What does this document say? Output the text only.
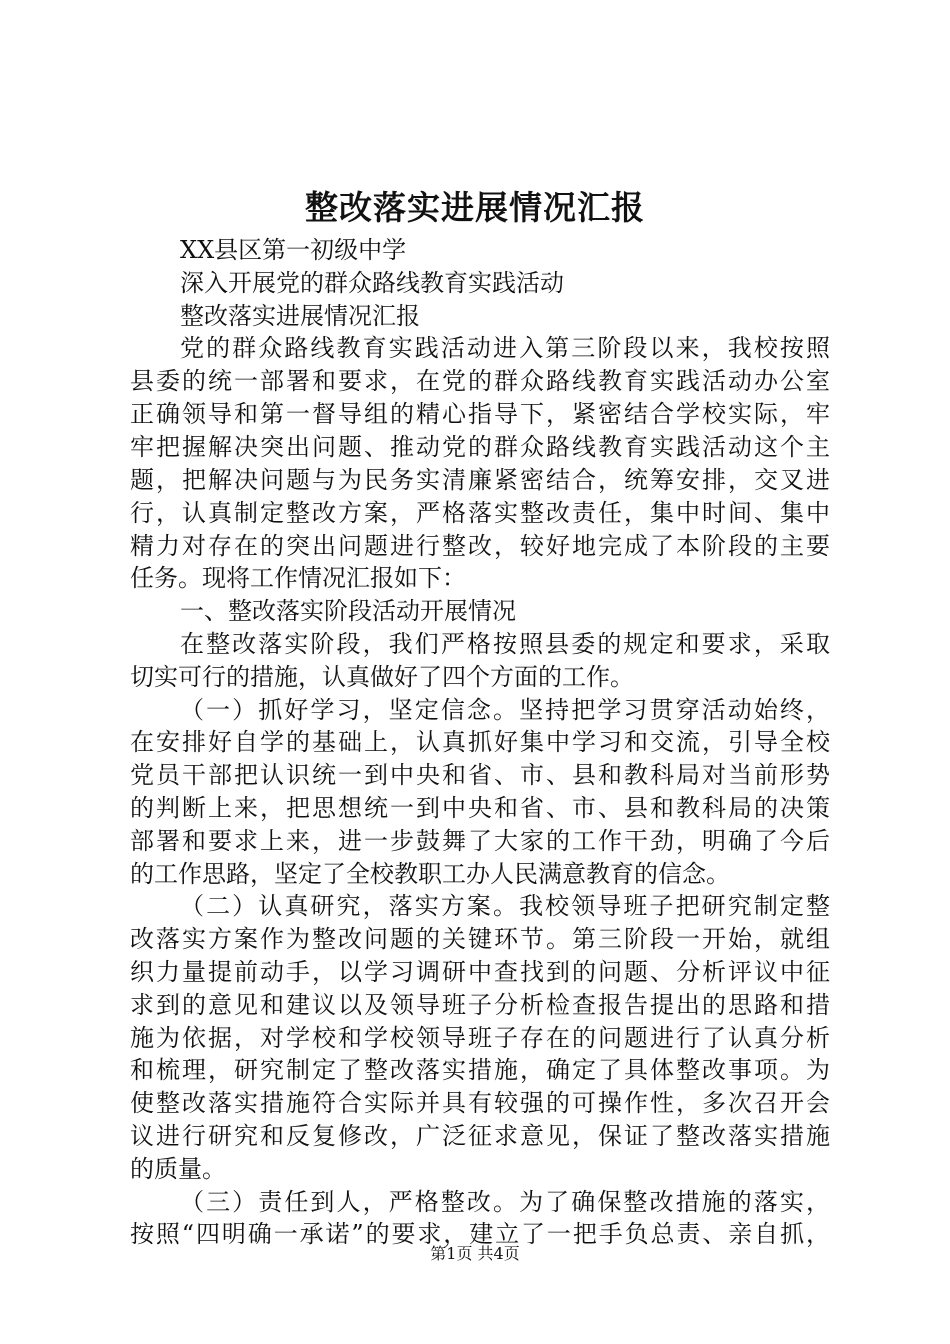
整改落实进展情况汇报
XX县区第一初级中学
深入开展党的群众路线教育实践活动
整改落实进展情况汇报
党的群众路线教育实践活动进入第三阶段以来，我校按照
县委的统一部署和要求，在党的群众路线教育实践活动办公室
正确领导和第一督导组的精心指导下，紧密结合学校实际，牢
牢把握解决突出问题、推动党的群众路线教育实践活动这个主
题，把解决问题与为民务实清廉紧密结合，统筹安排，交叉进
行，认真制定整改方案，严格落实整改责任，集中时间、集中
精力对存在的突出问题进行整改，较好地完成了本阶段的主要
任务。现将工作情况汇报如下：
一、整改落实阶段活动开展情况
在整改落实阶段，我们严格按照县委的规定和要求，采取
切实可行的措施，认真做好了四个方面的工作。
（一）抓好学习，坚定信念。坚持把学习贯穿活动始终，
在安排好自学的基础上，认真抓好集中学习和交流，引导全校
党员干部把认识统一到中央和省、市、县和教科局对当前形势
的判断上来，把思想统一到中央和省、市、县和教科局的决策
部署和要求上来，进一步鼓舞了大家的工作干劲，明确了今后
的工作思路，坚定了全校教职工办人民满意教育的信念。
（二）认真研究，落实方案。我校领导班子把研究制定整
改落实方案作为整改问题的关键环节。第三阶段一开始，就组
织力量提前动手，以学习调研中查找到的问题、分析评议中征
求到的意见和建议以及领导班子分析检查报告提出的思路和措
施为依据，对学校和学校领导班子存在的问题进行了认真分析
和梳理，研究制定了整改落实措施，确定了具体整改事项。为
使整改落实措施符合实际并具有较强的可操作性，多次召开会
议进行研究和反复修改，广泛征求意见，保证了整改落实措施
的质量。
（三）责任到人，严格整改。为了确保整改措施的落实，
按照“四明确一承诺”的要求，建立了一把手负总责、亲自抓，
第1页 共4页
